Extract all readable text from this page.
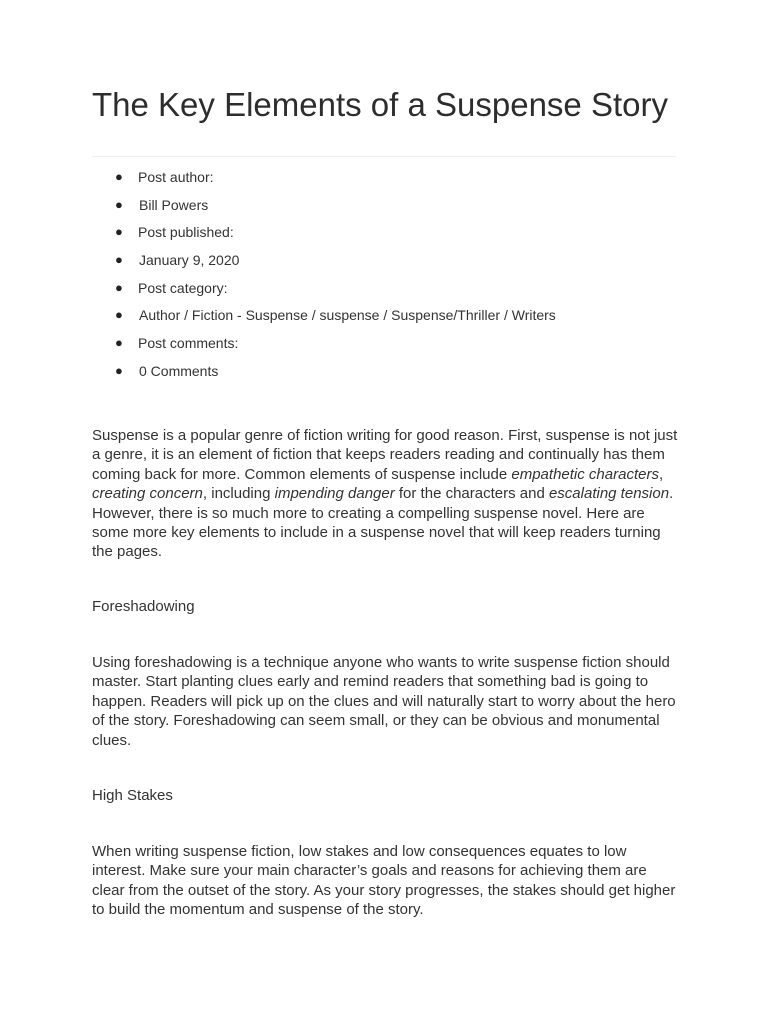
The Key Elements of a Suspense Story
● Post author:
● Bill Powers
● Post published:
● January 9, 2020
● Post category:
● Author / Fiction - Suspense / suspense / Suspense/Thriller / Writers
● Post comments:
● 0 Comments

Suspense is a popular genre of fiction writing for good reason. First, suspense is not just a genre, it is an element of fiction that keeps readers reading and continually has them coming back for more. Common elements of suspense include empathetic characters, creating concern, including impending danger for the characters and escalating tension. However, there is so much more to creating a compelling suspense novel. Here are some more key elements to include in a suspense novel that will keep readers turning the pages.

Foreshadowing

Using foreshadowing is a technique anyone who wants to write suspense fiction should master. Start planting clues early and remind readers that something bad is going to happen. Readers will pick up on the clues and will naturally start to worry about the hero of the story. Foreshadowing can seem small, or they can be obvious and monumental clues.

High Stakes

When writing suspense fiction, low stakes and low consequences equates to low interest. Make sure your main character’s goals and reasons for achieving them are clear from the outset of the story. As your story progresses, the stakes should get higher to build the momentum and suspense of the story.
